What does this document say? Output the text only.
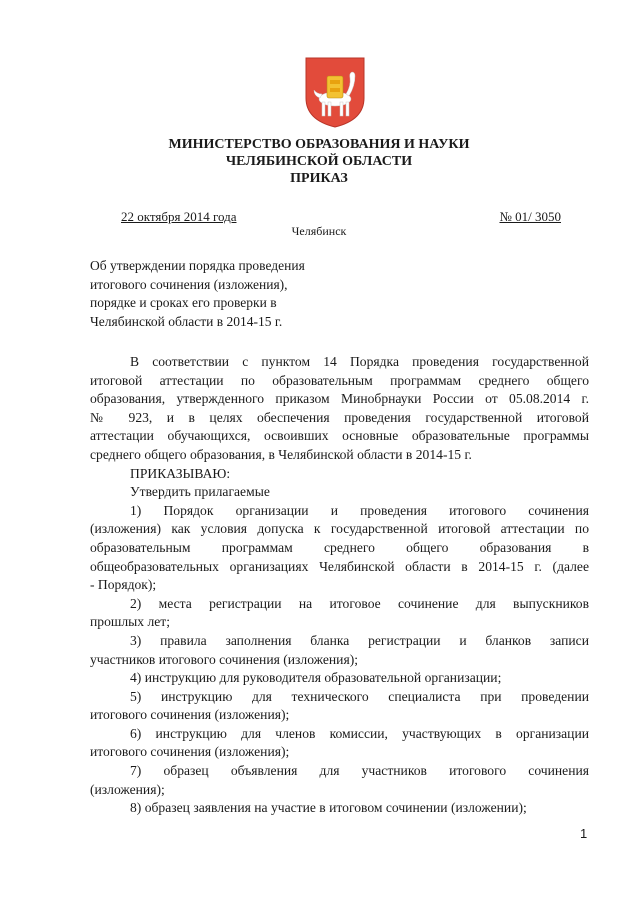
МИНИСТЕРСТВО ОБРАЗОВАНИЯ И НАУКИ
ЧЕЛЯБИНСКОЙ ОБЛАСТИ
ПРИКАЗ
22 октября 2014 года	№ 01/ 3050
Челябинск
Об утверждении порядка проведения
итогового сочинения (изложения),
порядке и сроках его проверки в
Челябинской области в 2014-15 г.
В соответствии с пунктом 14 Порядка проведения государственной
итоговой аттестации по образовательным программам среднего общего
образования, утвержденного приказом Минобрнауки России от 05.08.2014 г.
№ 923, и в целях обеспечения проведения государственной итоговой
аттестации обучающихся, освоивших основные образовательные программы
среднего общего образования, в Челябинской области в 2014-15 г.
ПРИКАЗЫВАЮ:
Утвердить прилагаемые
1) Порядок организации и проведения итогового сочинения
(изложения) как условия допуска к государственной итоговой аттестации по
образовательным программам среднего общего образования в
общеобразовательных организациях Челябинской области в 2014-15 г. (далее
- Порядок);
2) места регистрации на итоговое сочинение для выпускников
прошлых лет;
3) правила заполнения бланка регистрации и бланков записи
участников итогового сочинения (изложения);
4) инструкцию для руководителя образовательной организации;
5) инструкцию для технического специалиста при проведении
итогового сочинения (изложения);
6) инструкцию для членов комиссии, участвующих в организации
итогового сочинения (изложения);
7) образец объявления для участников итогового сочинения
(изложения);
8) образец заявления на участие в итоговом сочинении (изложении);
1
